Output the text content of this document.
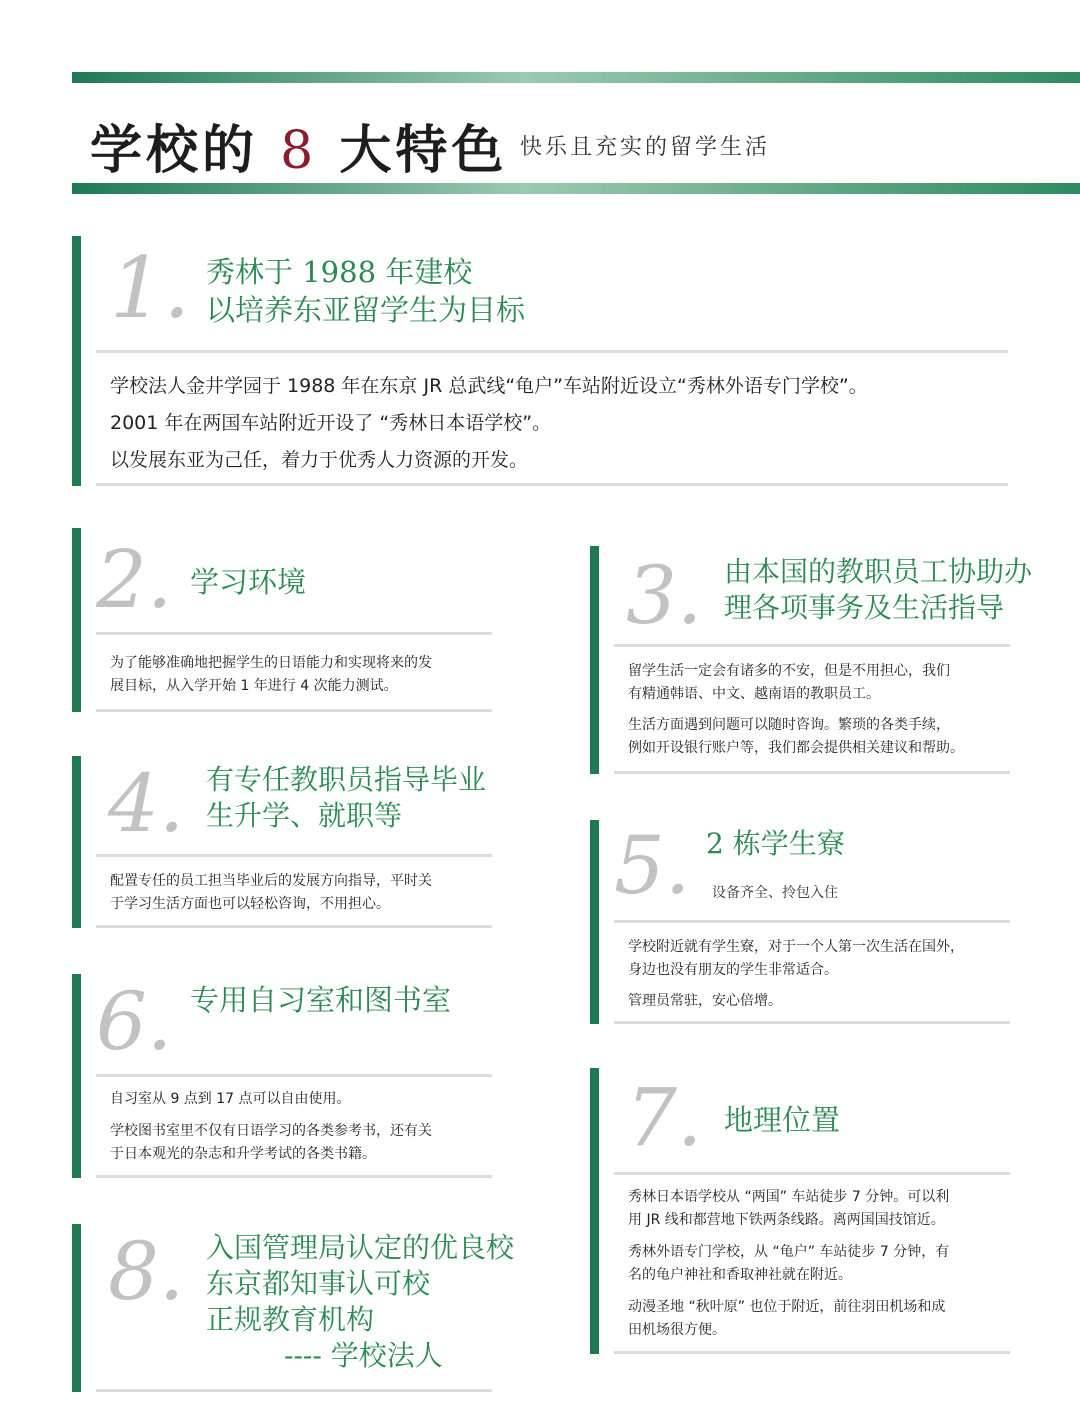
学校的 8 大特色 快乐且充实的留学生活
1. 秀林于 1988 年建校
以培养东亚留学生为目标

学校法人金井学园于 1988 年在东京 JR 总武线“龟户”车站附近设立“秀林外语专门学校”。

2001 年在两国车站附近开设了 “秀林日本语学校”。

以发展东亚为己任，着力于优秀人力资源的开发。

2. 学习环境

为了能够准确地把握学生的日语能力和实现将来的发

展目标，从入学开始 1 年进行 4 次能力测试。

3. 由本国的教职员工协助办
理各项事务及生活指导

留学生活一定会有诸多的不安，但是不用担心，我们

有精通韩语、中文、越南语的教职员工。

生活方面遇到问题可以随时咨询。繁琐的各类手续，

例如开设银行账户等，我们都会提供相关建议和帮助。

4. 有专任教职员指导毕业
生升学、就职等

配置专任的员工担当毕业后的发展方向指导，平时关

于学习生活方面也可以轻松咨询，不用担心。	5. 2 栋学生寮
设备齐全、拎包入住

学校附近就有学生寮，对于一个人第一次生活在国外，

身边也没有朋友的学生非常适合。

管理员常驻，安心倍增。

6. 专用自习室和图书室

自习室从 9 点到 17 点可以自由使用。

学校图书室里不仅有日语学习的各类参考书，还有关

于日本观光的杂志和升学考试的各类书籍。	7. 地理位置

秀林日本语学校从 “两国” 车站徒步 7 分钟。可以利

用 JR 线和都营地下铁两条线路。离两国国技馆近。

秀林外语专门学校，从 “龟户” 车站徒步 7 分钟，有

名的龟户神社和香取神社就在附近。

动漫圣地 “秋叶原” 也位于附近，前往羽田机场和成

田机场很方便。

8. 入国管理局认定的优良校
东京都知事认可校
正规教育机构
---- 学校法人
